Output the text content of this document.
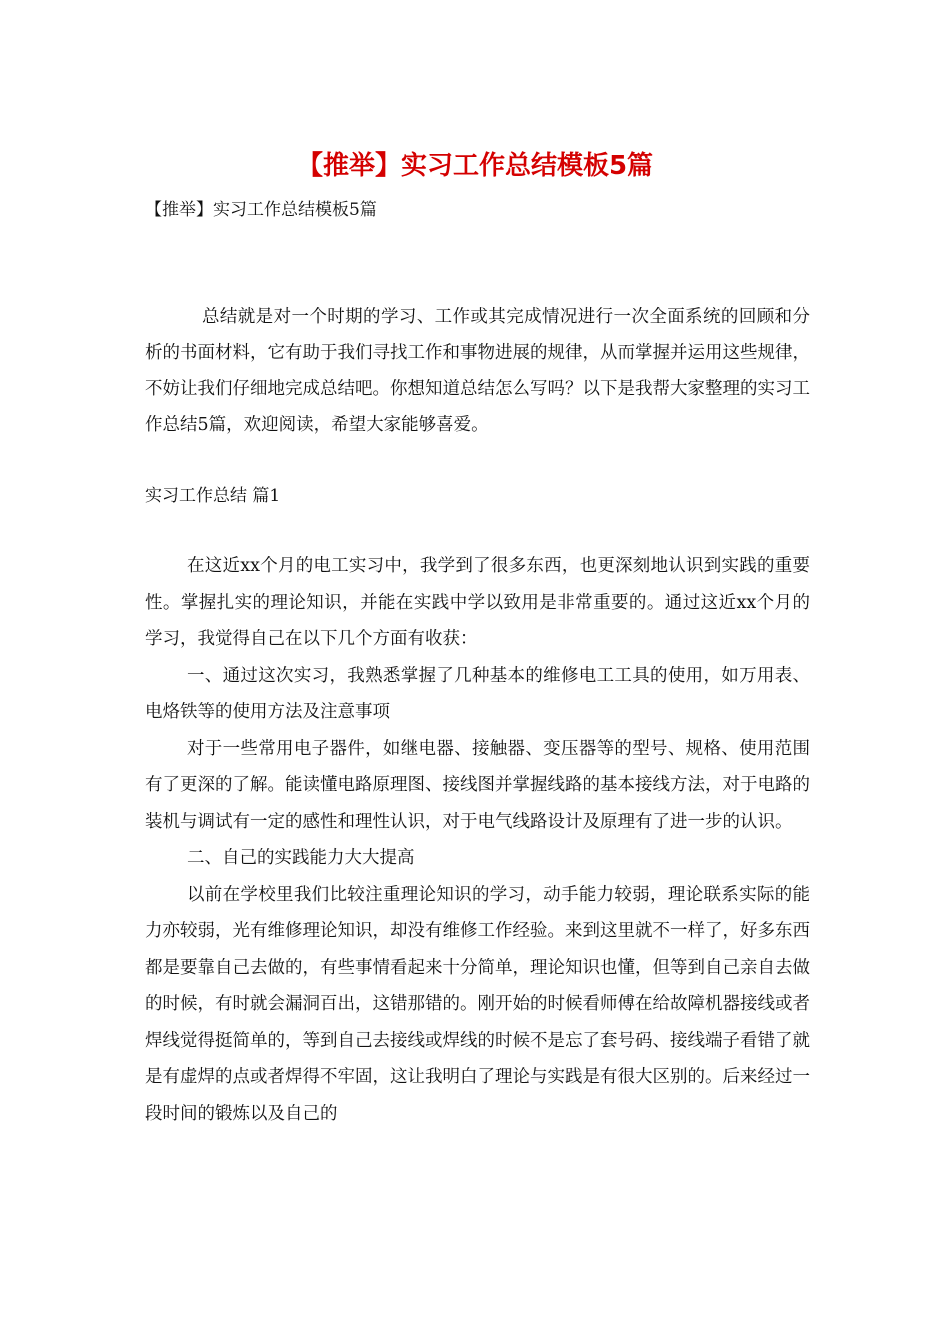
【推举】实习工作总结模板5篇

【推举】实习工作总结模板5篇

总结就是对一个时期的学习、工作或其完成情况进行一次全面系统的回顾和分析的书面材料，它有助于我们寻找工作和事物进展的规律，从而掌握并运用这些规律，不妨让我们仔细地完成总结吧。你想知道总结怎么写吗？以下是我帮大家整理的实习工作总结5篇，欢迎阅读，希望大家能够喜爱。

实习工作总结 篇1

在这近xx个月的电工实习中，我学到了很多东西，也更深刻地认识到实践的重要性。掌握扎实的理论知识，并能在实践中学以致用是非常重要的。通过这近xx个月的学习，我觉得自己在以下几个方面有收获：

一、通过这次实习，我熟悉掌握了几种基本的维修电工工具的使用，如万用表、电烙铁等的使用方法及注意事项

对于一些常用电子器件，如继电器、接触器、变压器等的型号、规格、使用范围有了更深的了解。能读懂电路原理图、接线图并掌握线路的基本接线方法，对于电路的装机与调试有一定的感性和理性认识，对于电气线路设计及原理有了进一步的认识。

二、自己的实践能力大大提高

以前在学校里我们比较注重理论知识的学习，动手能力较弱，理论联系实际的能力亦较弱，光有维修理论知识，却没有维修工作经验。来到这里就不一样了，好多东西都是要靠自己去做的，有些事情看起来十分简单，理论知识也懂，但等到自己亲自去做的时候，有时就会漏洞百出，这错那错的。刚开始的时候看师傅在给故障机器接线或者焊线觉得挺简单的，等到自己去接线或焊线的时候不是忘了套号码、接线端子看错了就是有虚焊的点或者焊得不牢固，这让我明白了理论与实践是有很大区别的。后来经过一段时间的锻炼以及自己的
